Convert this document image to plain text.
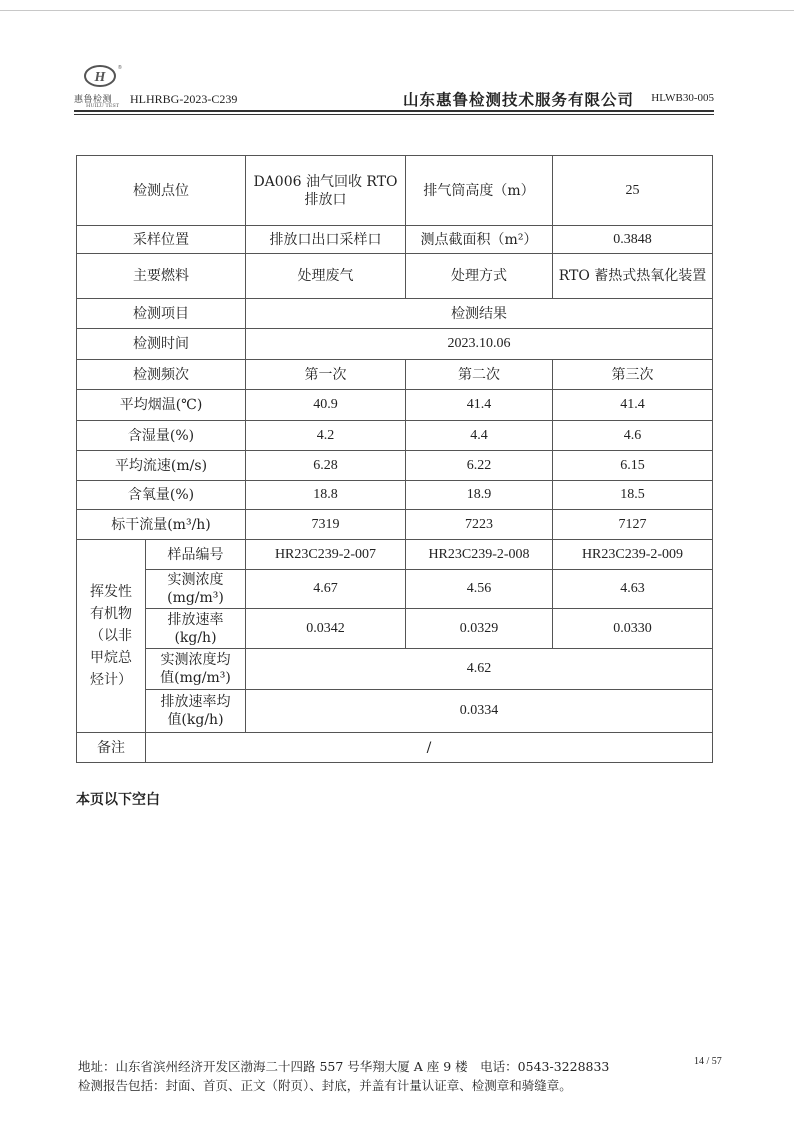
H
®
惠鲁检测
HUILU TEST HLHRBG-2023-C239	山东惠鲁检测技术服务有限公司 HLWB30-005
检测点位		DA006 油气回收 RTO 排放口	排气筒高度（m）	25
采样位置		排放口出口采样口	测点截面积（m²）	0.3848
主要燃料		处理废气	处理方式	RTO 蓄热式热氧化装置
检测项目		检测结果		
检测时间		2023.10.06		
检测频次		第一次	第二次	第三次
平均烟温(℃)		40.9	41.4	41.4
含湿量(%)		4.2	4.4	4.6
平均流速(m/s)		6.28	6.22	6.15
含氧量(%)		18.8	18.9	18.5
标干流量(m³/h)		7319	7223	7127
挥发性有机物（以非甲烷总烃计）	样品编号	HR23C239-2-007	HR23C239-2-008	HR23C239-2-009
	实测浓度(mg/m³)	4.67	4.56	4.63
	排放速率(kg/h)	0.0342	0.0329	0.0330
	实测浓度均值(mg/m³)	4.62		
	排放速率均值(kg/h)	0.0334		
备注	/			
本页以下空白
地址：山东省滨州经济开发区渤海二十四路 557 号华翔大厦 A 座 9 楼　电话：0543-3228833
检测报告包括：封面、首页、正文（附页）、封底，并盖有计量认证章、检测章和骑缝章。
14 / 57
